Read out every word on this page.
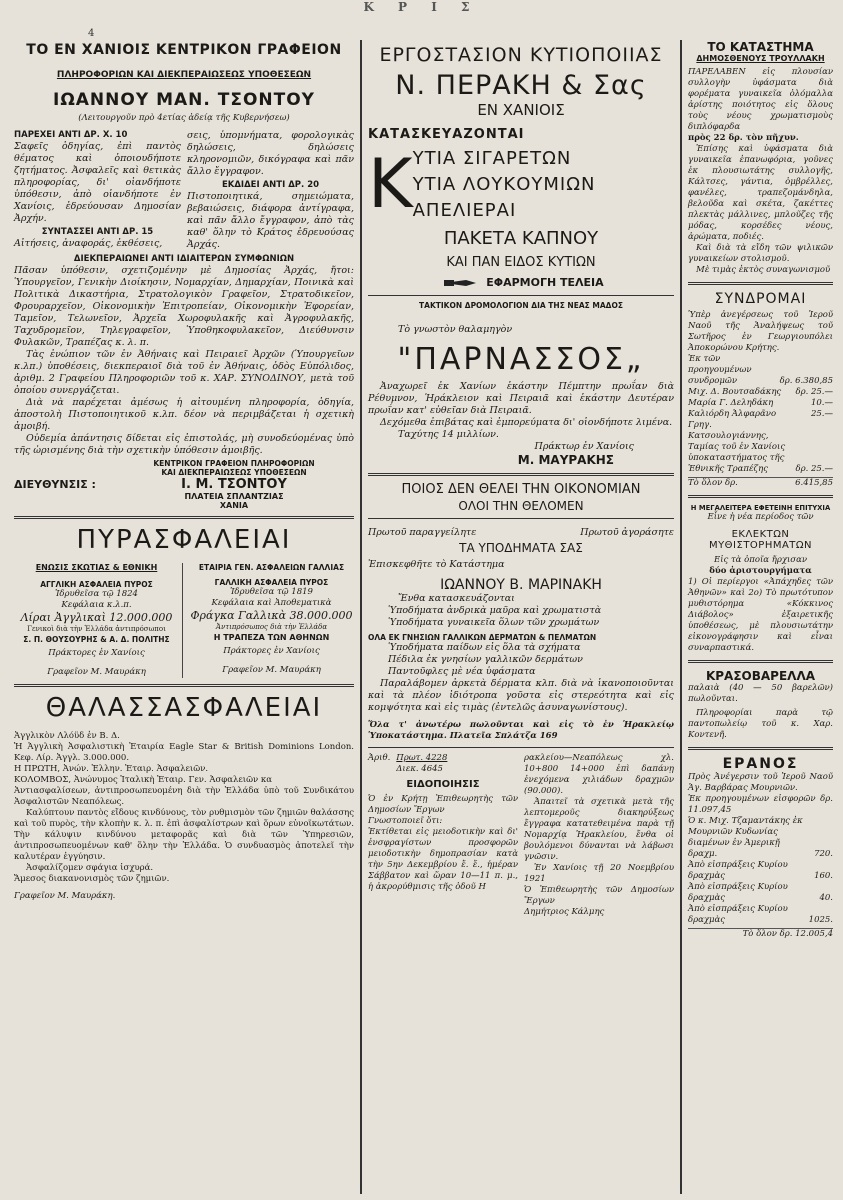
Κ Ρ Ι Σ
4
ΤΟ ΕΝ ΧΑΝΙΟΙΣ ΚΕΝΤΡΙΚΟΝ ΓΡΑΦΕΙΟΝ
ΠΛΗΡΟΦΟΡΙΩΝ ΚΑΙ ΔΙΕΚΠΕΡΑΙΩΣΕΩΣ ΥΠΟΘΕΣΕΩΝ
ΙΩΑΝΝΟΥ ΜΑΝ. ΤΣΟΝΤΟΥ
(Λειτουργοῦν πρὸ 4ετίας ἀδείᾳ τῆς Κυβερνήσεω)
ΠΑΡΕΧΕΙ ΑΝΤΙ ΔΡ. Χ. 10

Σαφεῖς ὁδηγίας, ἐπὶ παντὸς θέματος καὶ ὁποιουδήποτε ζητήματος. Ἀσφαλεῖς καὶ θετικὰς πληροφορίας, δι' οἱανδήποτε ὑπόθεσιν, ἀπὸ οἱανδήποτε ἐν Χανίοις, ἐδρεύουσαν Δημοσίαν Ἀρχήν.

ΣΥΝΤΑΣΣΕΙ ΑΝΤΙ ΔΡ. 15

Αἰτήσεις, ἀναφοράς, ἐκθέσεις,

σεις, ὑπομνήματα, φορολογικὰς δηλώσεις, δηλώσεις κληρονομιῶν, δικόγραφα καὶ πᾶν ἄλλο ἔγγραφον.

ΕΚΔΙΔΕΙ ΑΝΤΙ ΔΡ. 20

Πιστοποιητικά, σημειώματα, βεβαιώσεις, διάφορα ἀντίγραφα, καὶ πᾶν ἄλλο ἔγγραφον, ἀπὸ τὰς καθ' ὅλην τὸ Κράτος ἐδρευούσας Ἀρχάς.

ΔΙΕΚΠΕΡΑΙΩΝΕΙ ΑΝΤΙ ΙΔΙΑΙΤΕΡΩΝ ΣΥΜΦΩΝΙΩΝ

Πᾶσαν ὑπόθεσιν, σχετιζομένην μὲ Δημοσίας Ἀρχάς, ἤτοι: Ὑπουργεῖον, Γενικὴν Διοίκησιν, Νομαρχίαν, Δημαρχίαν, Ποινικὰ καὶ Πολιτικὰ Δικαστήρια, Στρατολογικὸν Γραφεῖον, Στρατοδικεῖον, Φρουραρχεῖον, Οἰκονομικὴν Ἐπιτροπείαν, Οἰκονομικὴν Ἐφορείαν, Ταμεῖον, Τελωνεῖον, Ἀρχεῖα Χωροφυλακῆς καὶ Ἀγροφυλακῆς, Ταχυδρομεῖον, Τηλεγραφεῖον, Ὑποθηκοφυλακεῖον, Διεύθυνσιν Φυλακῶν, Τραπέζας κ. λ. π.

Τὰς ἐνώπιον τῶν ἐν Ἀθήναις καὶ Πειραιεῖ Ἀρχῶν (Ὑπουργεῖων κ.λπ.) ὑποθέσεις, διεκπεραιοῖ διὰ τοῦ ἐν Ἀθήναις, ὁδὸς Εὐπόλιδος, ἀριθμ. 2 Γραφείου Πληροφοριῶν τοῦ κ. ΧΑΡ. ΣΥΝΟΔΙΝΟΥ, μετὰ τοῦ ὁποίου συνεργάζεται.

Διὰ νὰ παρέχεται ἀμέσως ἡ αἰτουμένη πληροφορία, ὁδηγία, ἀποστολὴ Πιστοποιητικοῦ κ.λπ. δέον νὰ περιμβάζεται ἡ σχετικὴ ἀμοιβή.

Οὐδεμία ἀπάντησις δίδεται εἰς ἐπιστολάς, μὴ συνοδεύομένας ὑπὸ τῆς ὡρισμένης διὰ τὴν σχετικὴν ὑπόθεσιν ἀμοιβῆς.

ΔΙΕΥΘΥΝΣΙΣ :
ΚΕΝΤΡΙΚΟΝ ΓΡΑΦΕΙΟΝ ΠΛΗΡΟΦΟΡΙΩΝ
ΚΑΙ ΔΙΕΚΠΕΡΑΙΩΣΕΩΣ ΥΠΟΘΕΣΕΩΝ
Ι. Μ. ΤΣΟΝΤΟΥ
ΠΛΑΤΕΙΑ ΣΠΛΑΝΤΖΙΑΣ
ΧΑΝΙΑ
ΠΥΡΑΣΦΑΛΕΙΑΙ
ΕΝΩΣΙΣ ΣΚΩΤΙΑΣ & ΕΘΝΙΚΗ
ΑΓΓΛΙΚΗ ΑΣΦΑΛΕΙΑ ΠΥΡΟΣ
Ἱδρυθεῖσα τῷ 1824
Κεφάλαια κ.λ.π.
Λίραι Ἀγγλικαὶ 12.000.000
Γενικοὶ διὰ τὴν Ἑλλάδα ἀντιπρόσωποι
Σ. Π. ΘΟΥΣΟΥΡΗΣ & Α. Δ. ΠΟΛΙΤΗΣ
Πράκτορες ἐν Χανίοις
Γραφεῖον Μ. Μαυράκη
ΕΤΑΙΡΙΑ ΓΕΝ. ΑΣΦΑΛΕΙΩΝ ΓΑΛΛΙΑΣ
ΓΑΛΛΙΚΗ ΑΣΦΑΛΕΙΑ ΠΥΡΟΣ
Ἱδρυθεῖσα τῷ 1819
Κεφάλαια καὶ Ἀποθεματικὰ
Φράγκα Γαλλικὰ 38.000.000
Ἀντιπρόσωπος διὰ τὴν Ἑλλάδα
Η ΤΡΑΠΕΖΑ ΤΩΝ ΑΘΗΝΩΝ
Πράκτορες ἐν Χανίοις
Γραφεῖον Μ. Μαυράκη
ΘΑΛΑΣΣΑΣΦΑΛΕΙΑΙ

Ἀγγλικὸν Λλόϋδ ἐν Β. Δ.

Ἡ Ἀγγλικὴ Ἀσφαλιστικὴ Ἑταιρία Eagle Star & British Dominions London. Κεφ. Λίρ. Ἀγγλ. 3.000.000.

Η ΠΡΩΤΗ, Ἀνών. Ἑλλην. Ἑταιρ. Ἀσφαλειῶν.

ΚΟΛΟΜΒΟΣ, Ἀνώνυμος Ἰταλικὴ Ἑταιρ. Γεν. Ἀσφαλειῶν κα

Ἀντιασφαλίσεων, ἀντιπροσωπευομένη διὰ τὴν Ἑλλάδα ὑπὸ τοῦ Συνδικάτου Ἀσφαλιστῶν Νεαπόλεως.

Καλύπτουν παντὸς εἴδους κινδύνους, τὸν ρυθμισμὸν τῶν ζημιῶν θαλάσσης καὶ τοῦ πυρὸς, τὴν κλοπὴν κ. λ. π. ἐπὶ ἀσφαλίστρων καὶ ὅρων εὐνοϊκωτάτων. Τὴν κάλυψιν κινδύνου μεταφορᾶς καὶ διὰ τῶν Ὑπηρεσιῶν, ἀντιπροσωπευομένων καθ' ὅλην τὴν Ἑλλάδα. Ὁ συνδυασμὸς ἀποτελεῖ τὴν καλυτέραν ἐγγύησιν.

Ἀσφαλίζομεν σφάγια ἰσχυρά.

Ἄμεσος διακανονισμὸς τῶν ζημιῶν.

Γραφεῖον Μ. Μαυράκη.

ΕΡΓΟΣΤΑΣΙΟΝ ΚΥΤΙΟΠΟΙΙΑΣ
Ν. ΠΕΡΑΚΗ & Σας
ΕΝ ΧΑΝΙΟΙΣ
ΚΑΤΑΣΚΕΥΑΖΟΝΤΑΙ
Κ ΥΤΙΑ ΣΙΓΑΡΕΤΩΝ
ΥΤΙΑ ΛΟΥΚΟΥΜΙΩΝ
ΑΠΕΛΙΕΡΑΙ
ΠΑΚΕΤΑ ΚΑΠΝΟΥ
ΚΑΙ ΠΑΝ ΕΙΔΟΣ ΚΥΤΙΩΝ
ΕΦΑΡΜΟΓΗ ΤΕΛΕΙΑ
ΤΑΚΤΙΚΟΝ ΔΡΟΜΟΛΟΓΙΟΝ ΔΙΑ ΤΗΣ ΝΕΑΣ ΜΑΔΟΣ
Τὸ γνωστὸν θαλαμηγὸν
"ΠΑΡΝΑΣΣΟΣ„

Ἀναχωρεῖ ἐκ Χανίων ἑκάστην Πέμπτην πρωΐαν διὰ Ρέθυμνον, Ἡράκλειον καὶ Πειραιᾶ καὶ ἑκάστην Δευτέραν πρωΐαν κατ' εὐθεῖαν διὰ Πειραιᾶ.

Δεχόμεθα ἐπιβάτας καὶ ἐμπορεύματα δι' οἱονδήποτε λιμένα.

Ταχύτης 14 μιλλίων.

Πράκτωρ ἐν Χανίοις
Μ. ΜΑΥΡΑΚΗΣ
ΠΟΙΟΣ ΔΕΝ ΘΕΛΕΙ ΤΗΝ ΟΙΚΟΝΟΜΙΑΝ
ΟΛΟΙ ΤΗΝ ΘΕΛΟΜΕΝ
Πρωτοῦ παραγγείλητε	Πρωτοῦ ἀγοράσητε
ΤΑ ΥΠΟΔΗΜΑΤΑ ΣΑΣ
Ἐπισκεφθῆτε τὸ Κατάστημα
ΙΩΑΝΝΟΥ Β. ΜΑΡΙΝΑΚΗ
Ἔνθα κατασκευάζονται
Ὑποδήματα ἀνδρικὰ μαῦρα καὶ χρωματιστὰ
Ὑποδήματα γυναικεῖα ὅλων τῶν χρωμάτων
ΟΛΑ ΕΚ ΓΝΗΣΙΩΝ ΓΑΛΛΙΚΩΝ ΔΕΡΜΑΤΩΝ & ΠΕΛΜΑΤΩΝ
Ὑποδήματα παίδων εἰς ὅλα τὰ σχήματα
Πέδιλα ἐκ γνησίων γαλλικῶν δερμάτων
Παντοῦφλες μὲ νέα ὑφάσματα

Παραλάβομεν ἀρκετὰ δέρματα κλπ. διὰ νὰ ἱκανοποιοῦνται καὶ τὰ πλέον ἰδιότροπα γοῦστα εἰς στερεότητα καὶ εἰς κομψότητα καὶ εἰς τιμὰς (ἐντελῶς ἀσυναγωνίστους).

Ὅλα τ' ἀνωτέρω πωλοῦνται καὶ εἰς τὸ ἐν Ἡρακλείῳ Ὑποκατάστημα. Πλατεῖα Σπλάτζα 169

Ἀριθ. Πρωτ. 4228
Διεκ. 4645
ΕΙΔΟΠΟΙΗΣΙΣ

Ὁ ἐν Κρήτῃ Ἐπιθεωρητὴς τῶν Δημοσίων Ἔργων

Γνωστοποιεῖ ὅτι:

Ἐκτίθεται εἰς μειοδοτικὴν καὶ δι' ἐνσφραγίστων προσφορῶν μειοδοτικὴν δημοπρασίαν κατὰ τὴν 5ην Δεκεμβρίου ἔ. ἔ., ἡμέραν Σάββατον καὶ ὥραν 10—11 π. μ., ἡ ἀκρορύθμισις τῆς ὁδοῦ Η

ρακλείου—Νεαπόλεως χλ. 10+800 14+000 ἐπὶ δαπάνῃ ἐνεχόμενα χιλιάδων δραχμῶν (90.000).

Ἀπαιτεῖ τὰ σχετικὰ μετὰ τῆς λεπτομεροῦς διακηρύξεως ἔγγραφα κατατεθειμένα παρὰ τῇ Νομαρχίᾳ Ἡρακλείου, ἔνθα οἱ βουλόμενοι δύνανται νὰ λάβωσι γνῶσιν.

Ἐν Χανίοις τῇ 20 Νοεμβρίου 1921

Ὁ Ἐπιθεωρητὴς τῶν Δημοσίων Ἔργων

Δημήτριος Κάλμης

ΤΟ ΚΑΤΑΣΤΗΜΑ
ΔΗΜΟΣΘΕΝΟΥΣ ΤΡΟΥΛΛΑΚΗ

ΠΑΡΕΛΑΒΕΝ εἰς πλουσίαν συλλογὴν ὑφάσματα διὰ φορέματα γυναικεῖα ὁλόμαλλα ἀρίστης ποιότητος εἰς ὅλους τοὺς νέους χρωματισμοὺς διπλόφαρδα

πρὸς 22 δρ. τὸν πῆχυν.

Ἐπίσης καὶ ὑφάσματα διὰ γυναικεῖα ἐπανωφόρια, γοῦνες ἐκ πλουσιωτάτης συλλογῆς, Κάλτσες, γάντια, ὀμβρέλλες, φανέλες, τραπεζομάνδηλα, βελοῦδα καὶ σκέτα, ζακέττες πλεκτὰς μάλλινες, μπλοῦζες τῆς μόδας, κορσέδες νέους, ἀρώματα, ποδιές.

Καὶ διὰ τὰ εἴδη τῶν ψιλικῶν γυναικείων στολισμοῦ.

Μὲ τιμὰς ἐκτὸς συναγωνισμοῦ

ΣΥΝΔΡΟΜΑΙ

Ὑπὲρ ἀνεγέρσεως τοῦ Ἱεροῦ Ναοῦ τῆς Ἀναλήψεως τοῦ Σωτῆρος ἐν Γεωργιουπόλει Ἀποκορώνου Κρήτης.

Ἐκ τῶν προηγουμένων συνδρομῶν	δρ. 6.380,85
Μιχ. Δ. Βουτσαδάκης δρ. 25.—
Μαρία Γ. Δεληδάκη	10.—
Καλιόρδη Ἀλφαρᾶνο	25.—
Γρηγ. Κατσουλογιάννης, Ταμίας τοῦ ἐν Χανίοις ὑποκαταστήματος τῆς Ἐθνικῆς Τραπέζης	δρ. 25.—
Τὸ ὅλον δρ.	6.415,85
Η ΜΕΓΑΛΕΙΤΕΡΑ ΕΦΕΤΕΙΝΗ ΕΠΙΤΥΧΙΑ
Εἶνε ἡ νέα περίοδος τῶν
ΕΚΛΕΚΤΩΝ ΜΥΘΙΣΤΟΡΗΜΑΤΩΝ
Εἰς τὰ ὁποῖα ἤρχισαν
δύο ἀριστουργήματα

1) Οἱ περίεργοι «Ἀπάχηδες τῶν Ἀθηνῶν» καὶ 2ο) Τὸ πρωτότυπον μυθιστόρημα «Κόκκινος Διάβολος» ἐξαιρετικῆς ὑποθέσεως, μὲ πλουσιωτάτην εἰκονογράφησιν καὶ εἶναι συναρπαστικά.

ΚΡΑΣΟΒΑΡΕΛΛΑ

παλαιὰ (40 — 50 βαρελῶν) πωλοῦνται.

Πληροφορίαι παρὰ τῷ παντοπωλείῳ τοῦ κ. Χαρ. Κοντενῆ.

ΕΡΑΝΟΣ

Πρὸς Ἀνέγερσιν τοῦ Ἱεροῦ Ναοῦ Ἁγ. Βαρβάρας Μουρνιῶν.

Ἐκ προηγουμένων εἰσφορῶν δρ. 11.097,45

Ὁ κ. Μιχ. Τζαμαντάκης ἐκ Μουρνιῶν Κυδωνίας διαμένων ἐν Ἀμερικῇ δραχμ.	720.
Ἀπὸ εἰσπράξεις Κυρίου δραχμὰς	160.
Ἀπὸ εἰσπράξεις Κυρίου δραχμὰς	40.
Ἀπὸ εἰσπράξεις Κυρίου δραχμὰς	1025.
Τὸ ὅλον δρ. 12.005,4
